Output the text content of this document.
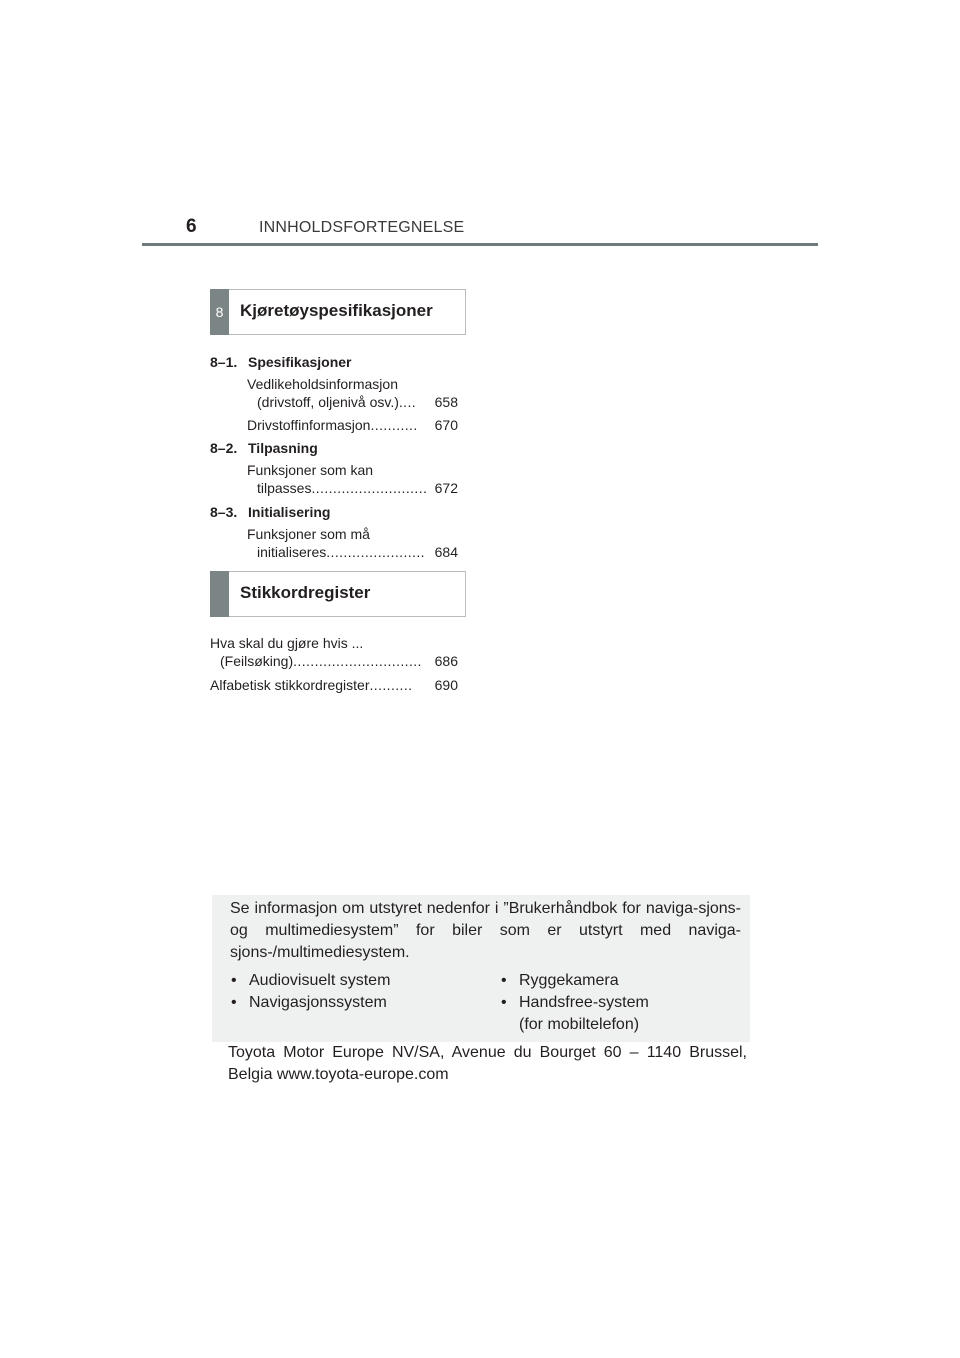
6	INNHOLDSFORTEGNELSE
8 Kjøretøyspesifikasjoner
8–1. Spesifikasjoner
Vedlikeholdsinformasjon
(drivstoff, oljenivå osv.) ....	658
Drivstoffinformasjon ...........	670
8–2. Tilpasning
Funksjoner som kan
tilpasses ........................... 672
8–3. Initialisering
Funksjoner som må
initialiseres ....................... 684
Stikkordregister
Hva skal du gjøre hvis ...
(Feilsøking) .............................. 686
Alfabetisk stikkordregister ..........	690
Se informasjon om utstyret nedenfor i ”Brukerhåndbok for naviga-sjons- og multimediesystem” for biler som er utstyrt med naviga-sjons-/multimediesystem.
• Audiovisuelt system
• Navigasjonssystem
• Ryggekamera
• Handsfree-system
(for mobiltelefon)
Toyota Motor Europe NV/SA, Avenue du Bourget 60 – 1140 Brussel, Belgia www.toyota-europe.com
